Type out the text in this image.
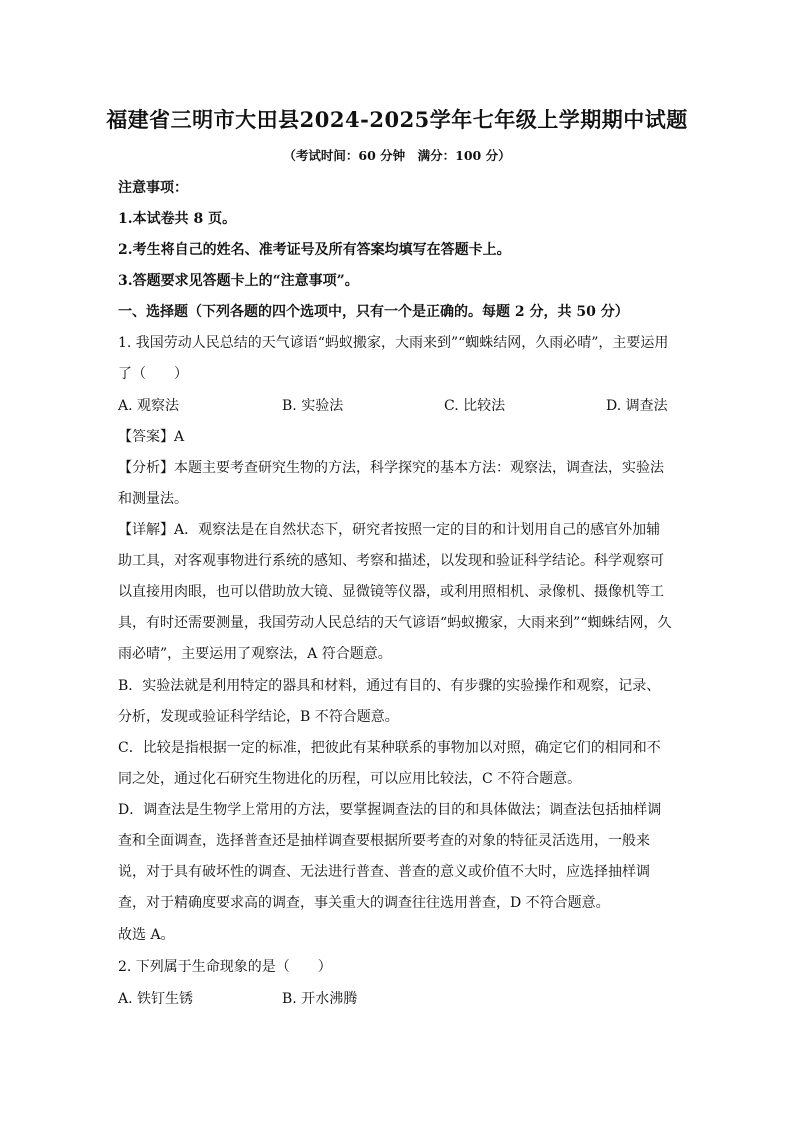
福建省三明市大田县2024-2025学年七年级上学期期中试题
（考试时间：60 分钟　满分：100 分）
注意事项：
1.本试卷共 8 页。
2.考生将自己的姓名、准考证号及所有答案均填写在答题卡上。
3.答题要求见答题卡上的“注意事项”。
一、选择题（下列各题的四个选项中，只有一个是正确的。每题 2 分，共 50 分）
1. 我国劳动人民总结的天气谚语“蚂蚁搬家，大雨来到”“蜘蛛结网，久雨必晴”，主要运用
了（　　）
A. 观察法	B. 实验法	C. 比较法	D. 调查法
【答案】A
【分析】本题主要考查研究生物的方法，科学探究的基本方法：观察法，调查法，实验法
和测量法。
【详解】A．观察法是在自然状态下，研究者按照一定的目的和计划用自己的感官外加辅
助工具，对客观事物进行系统的感知、考察和描述，以发现和验证科学结论。科学观察可
以直接用肉眼，也可以借助放大镜、显微镜等仪器，或利用照相机、录像机、摄像机等工
具，有时还需要测量，我国劳动人民总结的天气谚语“蚂蚁搬家，大雨来到”“蜘蛛结网，久
雨必晴”，主要运用了观察法，A 符合题意。
B．实验法就是利用特定的器具和材料，通过有目的、有步骤的实验操作和观察，记录、
分析，发现或验证科学结论，B 不符合题意。
C．比较是指根据一定的标准，把彼此有某种联系的事物加以对照，确定它们的相同和不
同之处，通过化石研究生物进化的历程，可以应用比较法，C 不符合题意。
D．调查法是生物学上常用的方法，要掌握调查法的目的和具体做法；调查法包括抽样调
查和全面调查，选择普查还是抽样调查要根据所要考查的对象的特征灵活选用，一般来
说，对于具有破坏性的调查、无法进行普查、普查的意义或价值不大时，应选择抽样调
查，对于精确度要求高的调查，事关重大的调查往往选用普查，D 不符合题意。
故选 A。
2. 下列属于生命现象的是（　　）
A. 铁钉生锈	B. 开水沸腾
